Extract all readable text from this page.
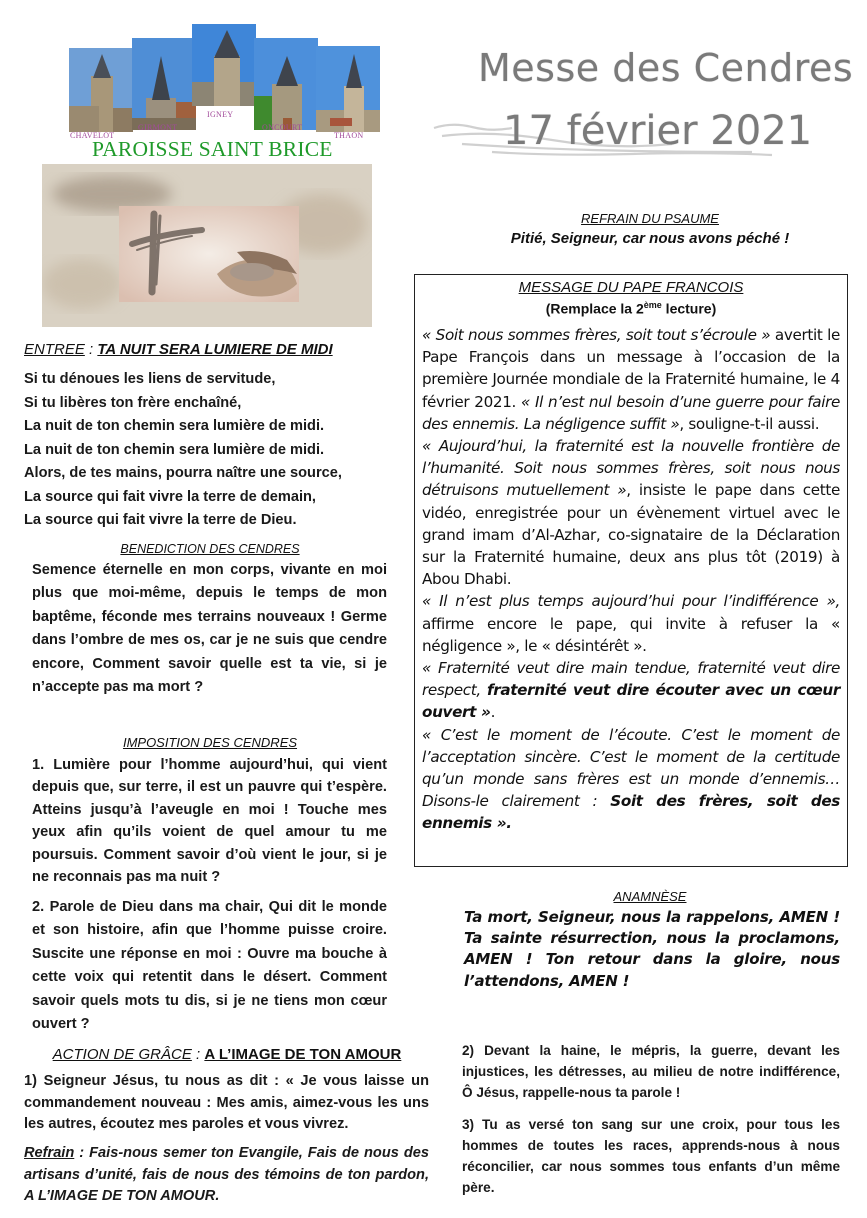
CHAVELOT
GIRMONT
IGNEY
ONCOURT
THAON
PAROISSE SAINT BRICE
Messe des Cendres
17 février 2021
ENTREE : TA NUIT SERA LUMIERE DE MIDI
Si tu dénoues les liens de servitude,
Si tu libères ton frère enchaîné,
La nuit de ton chemin sera lumière de midi.
La nuit de ton chemin sera lumière de midi.
Alors, de tes mains, pourra naître une source,
La source qui fait vivre la terre de demain,
La source qui fait vivre la terre de Dieu.
BENEDICTION DES CENDRES
Semence éternelle en mon corps, vivante en moi plus que moi-même, depuis le temps de mon baptême, féconde mes terrains nouveaux ! Germe dans l’ombre de mes os, car je ne suis que cendre encore, Comment savoir quelle est ta vie, si je n’accepte pas ma mort ?
IMPOSITION DES CENDRES
1. Lumière pour l’homme aujourd’hui, qui vient depuis que, sur terre, il est un pauvre qui t’espère. Atteins jusqu’à l’aveugle en moi ! Touche mes yeux afin qu’ils voient de quel amour tu me poursuis. Comment savoir d’où vient le jour, si je ne reconnais pas ma nuit ?
2. Parole de Dieu dans ma chair, Qui dit le monde et son histoire, afin que l’homme puisse croire. Suscite une réponse en moi : Ouvre ma bouche à cette voix qui retentit dans le désert. Comment savoir quels mots tu dis, si je ne tiens mon cœur ouvert ?
ACTION DE GRÂCE : A L’IMAGE DE TON AMOUR
1) Seigneur Jésus, tu nous as dit : « Je vous laisse un commandement nouveau : Mes amis, aimez-vous les uns les autres, écoutez mes paroles et vous vivrez.
Refrain : Fais-nous semer ton Evangile, Fais de nous des artisans d’unité, fais de nous des témoins de ton pardon, A L’IMAGE DE TON AMOUR.
REFRAIN DU PSAUME
Pitié, Seigneur, car nous avons péché !
MESSAGE DU PAPE FRANCOIS
(Remplace la 2ème lecture)

« Soit nous sommes frères, soit tout s’écroule » avertit le Pape François dans un message à l’occasion de la première Journée mondiale de la Fraternité humaine, le 4 février 2021. « Il n’est nul besoin d’une guerre pour faire des ennemis. La négligence suffit », souligne-t-il aussi.

« Aujourd’hui, la fraternité est la nouvelle frontière de l’humanité. Soit nous sommes frères, soit nous nous détruisons mutuellement », insiste le pape dans cette vidéo, enregistrée pour un évènement virtuel avec le grand imam d’Al-Azhar, co-signataire de la Déclaration sur la Fraternité humaine, deux ans plus tôt (2019) à Abou Dhabi.

« Il n’est plus temps aujourd’hui pour l’indifférence », affirme encore le pape, qui invite à refuser la « négligence », le « désintérêt ».

« Fraternité veut dire main tendue, fraternité veut dire respect, fraternité veut dire écouter avec un cœur ouvert ».

« C’est le moment de l’écoute. C’est le moment de l’acceptation sincère. C’est le moment de la certitude qu’un monde sans frères est un monde d’ennemis… Disons-le clairement : Soit des frères, soit des ennemis ».

ANAMNÈSE
Ta mort, Seigneur, nous la rappelons, AMEN ! Ta sainte résurrection, nous la proclamons, AMEN ! Ton retour dans la gloire, nous l’attendons, AMEN !
2) Devant la haine, le mépris, la guerre, devant les injustices, les détresses, au milieu de notre indifférence, Ô Jésus, rappelle-nous ta parole !
3) Tu as versé ton sang sur une croix, pour tous les hommes de toutes les races, apprends-nous à nous réconcilier, car nous sommes tous enfants d’un même père.
